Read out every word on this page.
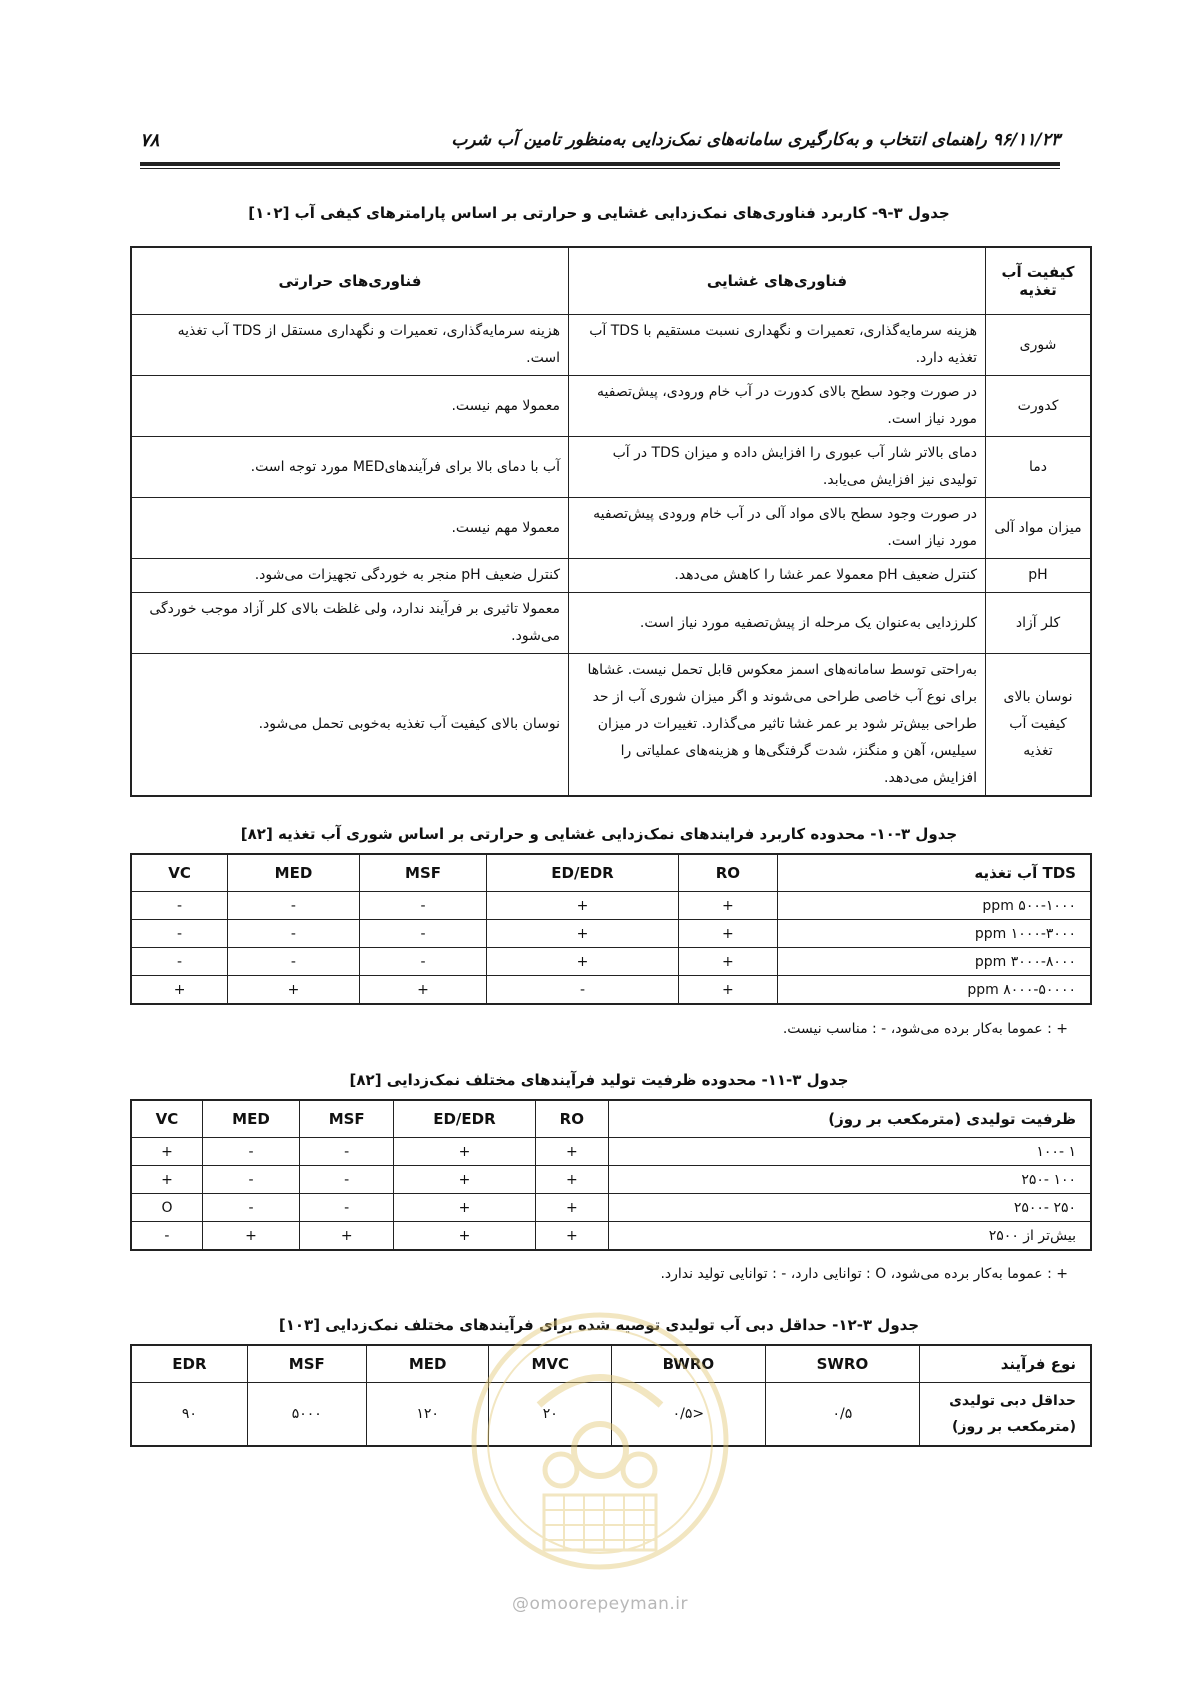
۹۶/۱۱/۲۳ راهنمای انتخاب و به‌کارگیری سامانه‌های نمک‌زدایی به‌منظور تامین آب شرب
۷۸
جدول ۳-۹- کاربرد فناوری‌های نمک‌زدایی غشایی و حرارتی بر اساس پارامترهای کیفی آب [۱۰۲]
کیفیت آب تغذیه	فناوری‌های غشایی	فناوری‌های حرارتی
شوری	هزینه سرمایه‌گذاری، تعمیرات و نگهداری نسبت مستقیم با TDS آب تغذیه دارد.	هزینه سرمایه‌گذاری، تعمیرات و نگهداری مستقل از TDS آب تغذیه است.
کدورت	در صورت وجود سطح بالای کدورت در آب خام ورودی، پیش‌تصفیه مورد نیاز است.	معمولا مهم نیست.
دما	دمای بالاتر شار آب عبوری را افزایش داده و میزان TDS در آب تولیدی نیز افزایش می‌یابد.	آب با دمای بالا برای فرآیندهایMED مورد توجه است.
میزان مواد آلی	در صورت وجود سطح بالای مواد آلی در آب خام ورودی پیش‌تصفیه مورد نیاز است.	معمولا مهم نیست.
pH	کنترل ضعیف pH معمولا عمر غشا را کاهش می‌دهد.	کنترل ضعیف pH منجر به خوردگی تجهیزات می‌شود.
کلر آزاد	کلرزدایی به‌عنوان یک مرحله از پیش‌تصفیه مورد نیاز است.	معمولا تاثیری بر فرآیند ندارد، ولی غلظت بالای کلر آزاد موجب خوردگی می‌شود.
نوسان بالای کیفیت آب تغذیه	به‌راحتی توسط سامانه‌های اسمز معکوس قابل تحمل نیست. غشاها برای نوع آب خاصی طراحی می‌شوند و اگر میزان شوری آب از حد طراحی بیش‌تر شود بر عمر غشا تاثیر می‌گذارد. تغییرات در میزان سیلیس، آهن و منگنز، شدت گرفتگی‌ها و هزینه‌های عملیاتی را افزایش می‌دهد.	نوسان بالای کیفیت آب تغذیه به‌خوبی تحمل می‌شود.
جدول ۳-۱۰- محدوده کاربرد فرایندهای نمک‌زدایی غشایی و حرارتی بر اساس شوری آب تغذیه [۸۲]
TDS آب تغذیه	RO	ED/EDR	MSF	MED	VC
۵۰۰-۱۰۰۰ ppm	+	+	-	-	-
۱۰۰۰-۳۰۰۰ ppm	+	+	-	-	-
۳۰۰۰-۸۰۰۰ ppm	+	+	-	-	-
۸۰۰۰-۵۰۰۰۰ ppm	+	-	+	+	+
+ : عموما به‌کار برده می‌شود، - : مناسب نیست.
جدول ۳-۱۱- محدوده ظرفیت تولید فرآیندهای مختلف نمک‌زدایی [۸۲]
ظرفیت تولیدی (مترمکعب بر روز)	RO	ED/EDR	MSF	MED	VC
۱ -۱۰۰	+	+	-	-	+
۱۰۰ -۲۵۰	+	+	-	-	+
۲۵۰ -۲۵۰۰	+	+	-	-	O
بیش‌تر از ۲۵۰۰	+	+	+	+	-
+ : عموما به‌کار برده می‌شود، O : توانایی دارد، - : توانایی تولید ندارد.
جدول ۳-۱۲- حداقل دبی آب تولیدی توصیه شده برای فرآیندهای مختلف نمک‌زدایی [۱۰۳]
نوع فرآیند	SWRO	BWRO	MVC	MED	MSF	EDR
حداقل دبی تولیدی (مترمکعب بر روز)	۰/۵	<۰/۵	۲۰	۱۲۰	۵۰۰۰	۹۰
@omoorepeyman.ir
